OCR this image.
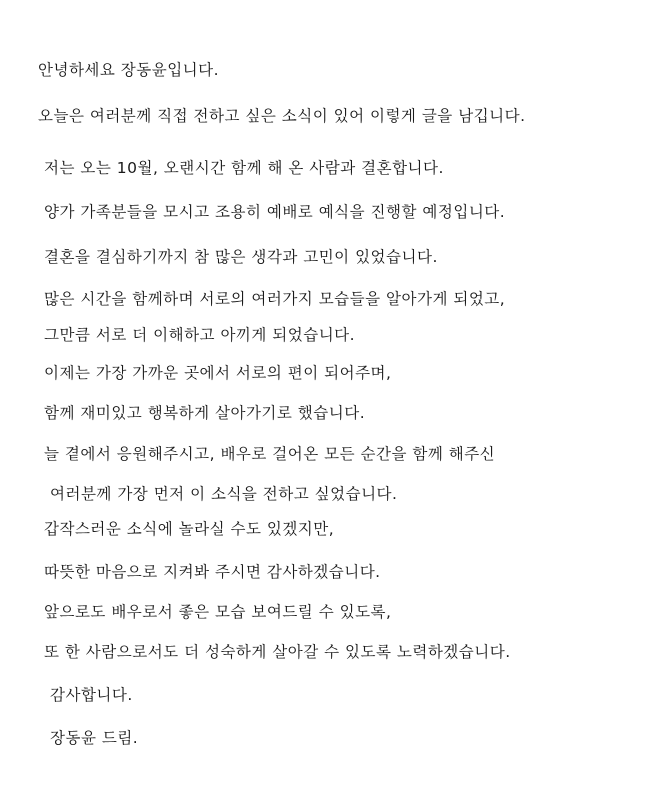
안녕하세요 장동윤입니다.

오늘은 여러분께 직접 전하고 싶은 소식이 있어 이렇게 글을 남깁니다.

저는 오는 10월, 오랜시간 함께 해 온 사람과 결혼합니다.

양가 가족분들을 모시고 조용히 예배로 예식을 진행할 예정입니다.

결혼을 결심하기까지 참 많은 생각과 고민이 있었습니다.

많은 시간을 함께하며 서로의 여러가지 모습들을 알아가게 되었고,

그만큼 서로 더 이해하고 아끼게 되었습니다.

이제는 가장 가까운 곳에서 서로의 편이 되어주며,

함께 재미있고 행복하게 살아가기로 했습니다.

늘 곁에서 응원해주시고, 배우로 걸어온 모든 순간을 함께 해주신

여러분께 가장 먼저 이 소식을 전하고 싶었습니다.

갑작스러운 소식에 놀라실 수도 있겠지만,

따뜻한 마음으로 지켜봐 주시면 감사하겠습니다.

앞으로도 배우로서 좋은 모습 보여드릴 수 있도록,

또 한 사람으로서도 더 성숙하게 살아갈 수 있도록 노력하겠습니다.

감사합니다.

장동윤 드림.
